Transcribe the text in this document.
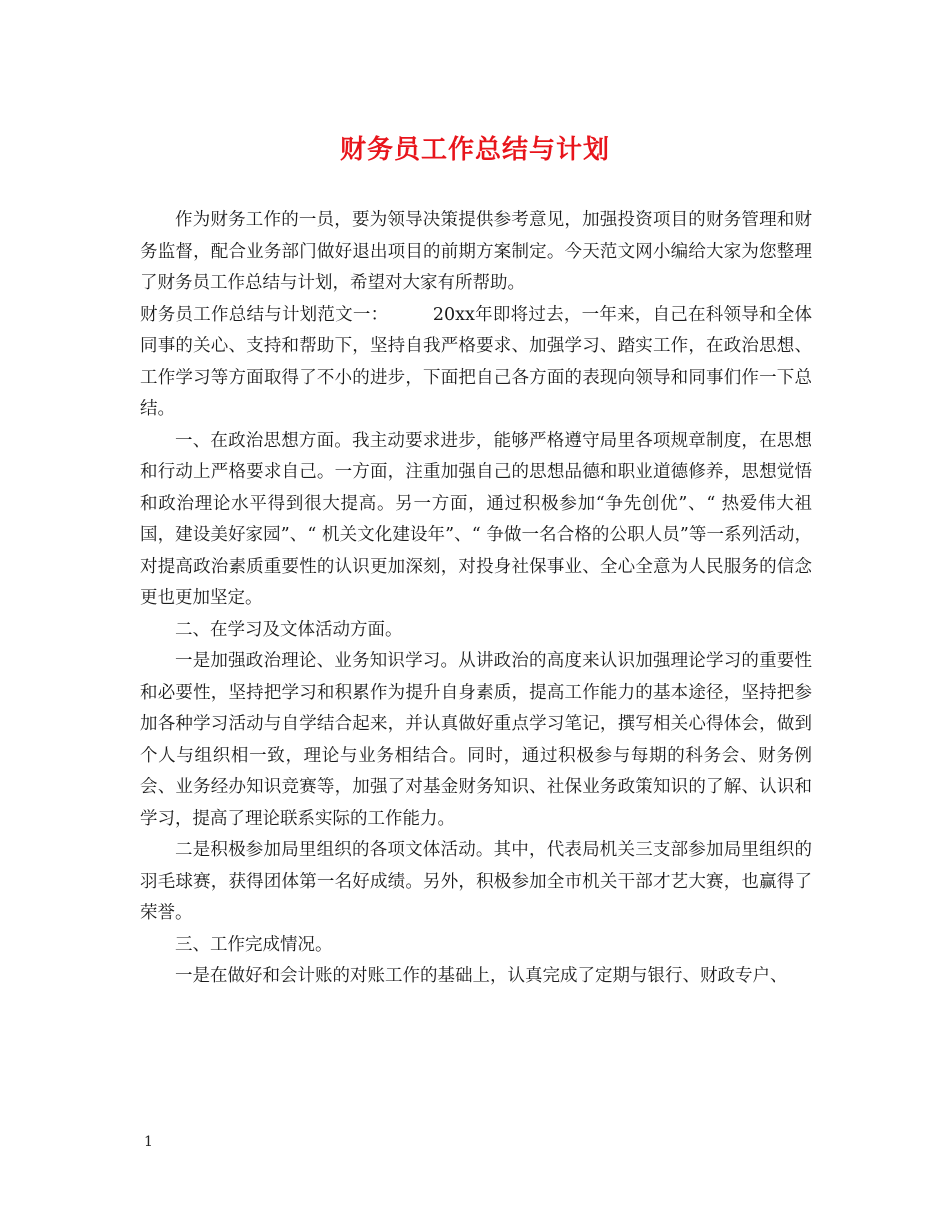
财务员工作总结与计划

作为财务工作的一员，要为领导决策提供参考意见，加强投资项目的财务管理和财务监督，配合业务部门做好退出项目的前期方案制定。今天范文网小编给大家为您整理了财务员工作总结与计划，希望对大家有所帮助。

财务员工作总结与计划范文一：　　　20xx年即将过去，一年来，自己在科领导和全体同事的关心、支持和帮助下，坚持自我严格要求、加强学习、踏实工作，在政治思想、工作学习等方面取得了不小的进步，下面把自己各方面的表现向领导和同事们作一下总结。

一、在政治思想方面。我主动要求进步，能够严格遵守局里各项规章制度，在思想和行动上严格要求自己。一方面，注重加强自己的思想品德和职业道德修养，思想觉悟和政治理论水平得到很大提高。另一方面，通过积极参加“争先创优”、“ 热爱伟大祖国，建设美好家园”、“ 机关文化建设年”、“ 争做一名合格的公职人员”等一系列活动，对提高政治素质重要性的认识更加深刻，对投身社保事业、全心全意为人民服务的信念更也更加坚定。

二、在学习及文体活动方面。

一是加强政治理论、业务知识学习。从讲政治的高度来认识加强理论学习的重要性和必要性，坚持把学习和积累作为提升自身素质，提高工作能力的基本途径，坚持把参加各种学习活动与自学结合起来，并认真做好重点学习笔记，撰写相关心得体会，做到个人与组织相一致，理论与业务相结合。同时，通过积极参与每期的科务会、财务例会、业务经办知识竞赛等，加强了对基金财务知识、社保业务政策知识的了解、认识和学习，提高了理论联系实际的工作能力。

二是积极参加局里组织的各项文体活动。其中，代表局机关三支部参加局里组织的羽毛球赛，获得团体第一名好成绩。另外，积极参加全市机关干部才艺大赛，也赢得了荣誉。

三、工作完成情况。

一是在做好和会计账的对账工作的基础上，认真完成了定期与银行、财政专户、

1
